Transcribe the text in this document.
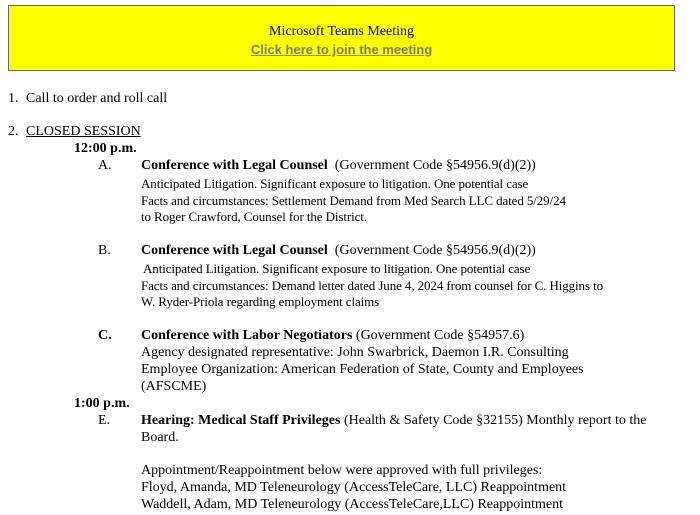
Microsoft Teams Meeting
Click here to join the meeting
1. Call to order and roll call
2. CLOSED SESSION
12:00 p.m.
A. Conference with Legal Counsel (Government Code §54956.9(d)(2))
Anticipated Litigation. Significant exposure to litigation. One potential case
Facts and circumstances: Settlement Demand from Med Search LLC dated 5/29/24
to Roger Crawford, Counsel for the District.
B. Conference with Legal Counsel (Government Code §54956.9(d)(2))
Anticipated Litigation. Significant exposure to litigation. One potential case
Facts and circumstances: Demand letter dated June 4, 2024 from counsel for C. Higgins to
W. Ryder-Priola regarding employment claims
C. Conference with Labor Negotiators (Government Code §54957.6)
Agency designated representative: John Swarbrick, Daemon I.R. Consulting
Employee Organization: American Federation of State, County and Employees
(AFSCME)
1:00 p.m.
E. Hearing: Medical Staff Privileges (Health & Safety Code §32155) Monthly report to the
Board.
Appointment/Reappointment below were approved with full privileges:
Floyd, Amanda, MD Teleneurology (AccessTeleCare, LLC) Reappointment
Waddell, Adam, MD Teleneurology (AccessTeleCare,LLC) Reappointment
